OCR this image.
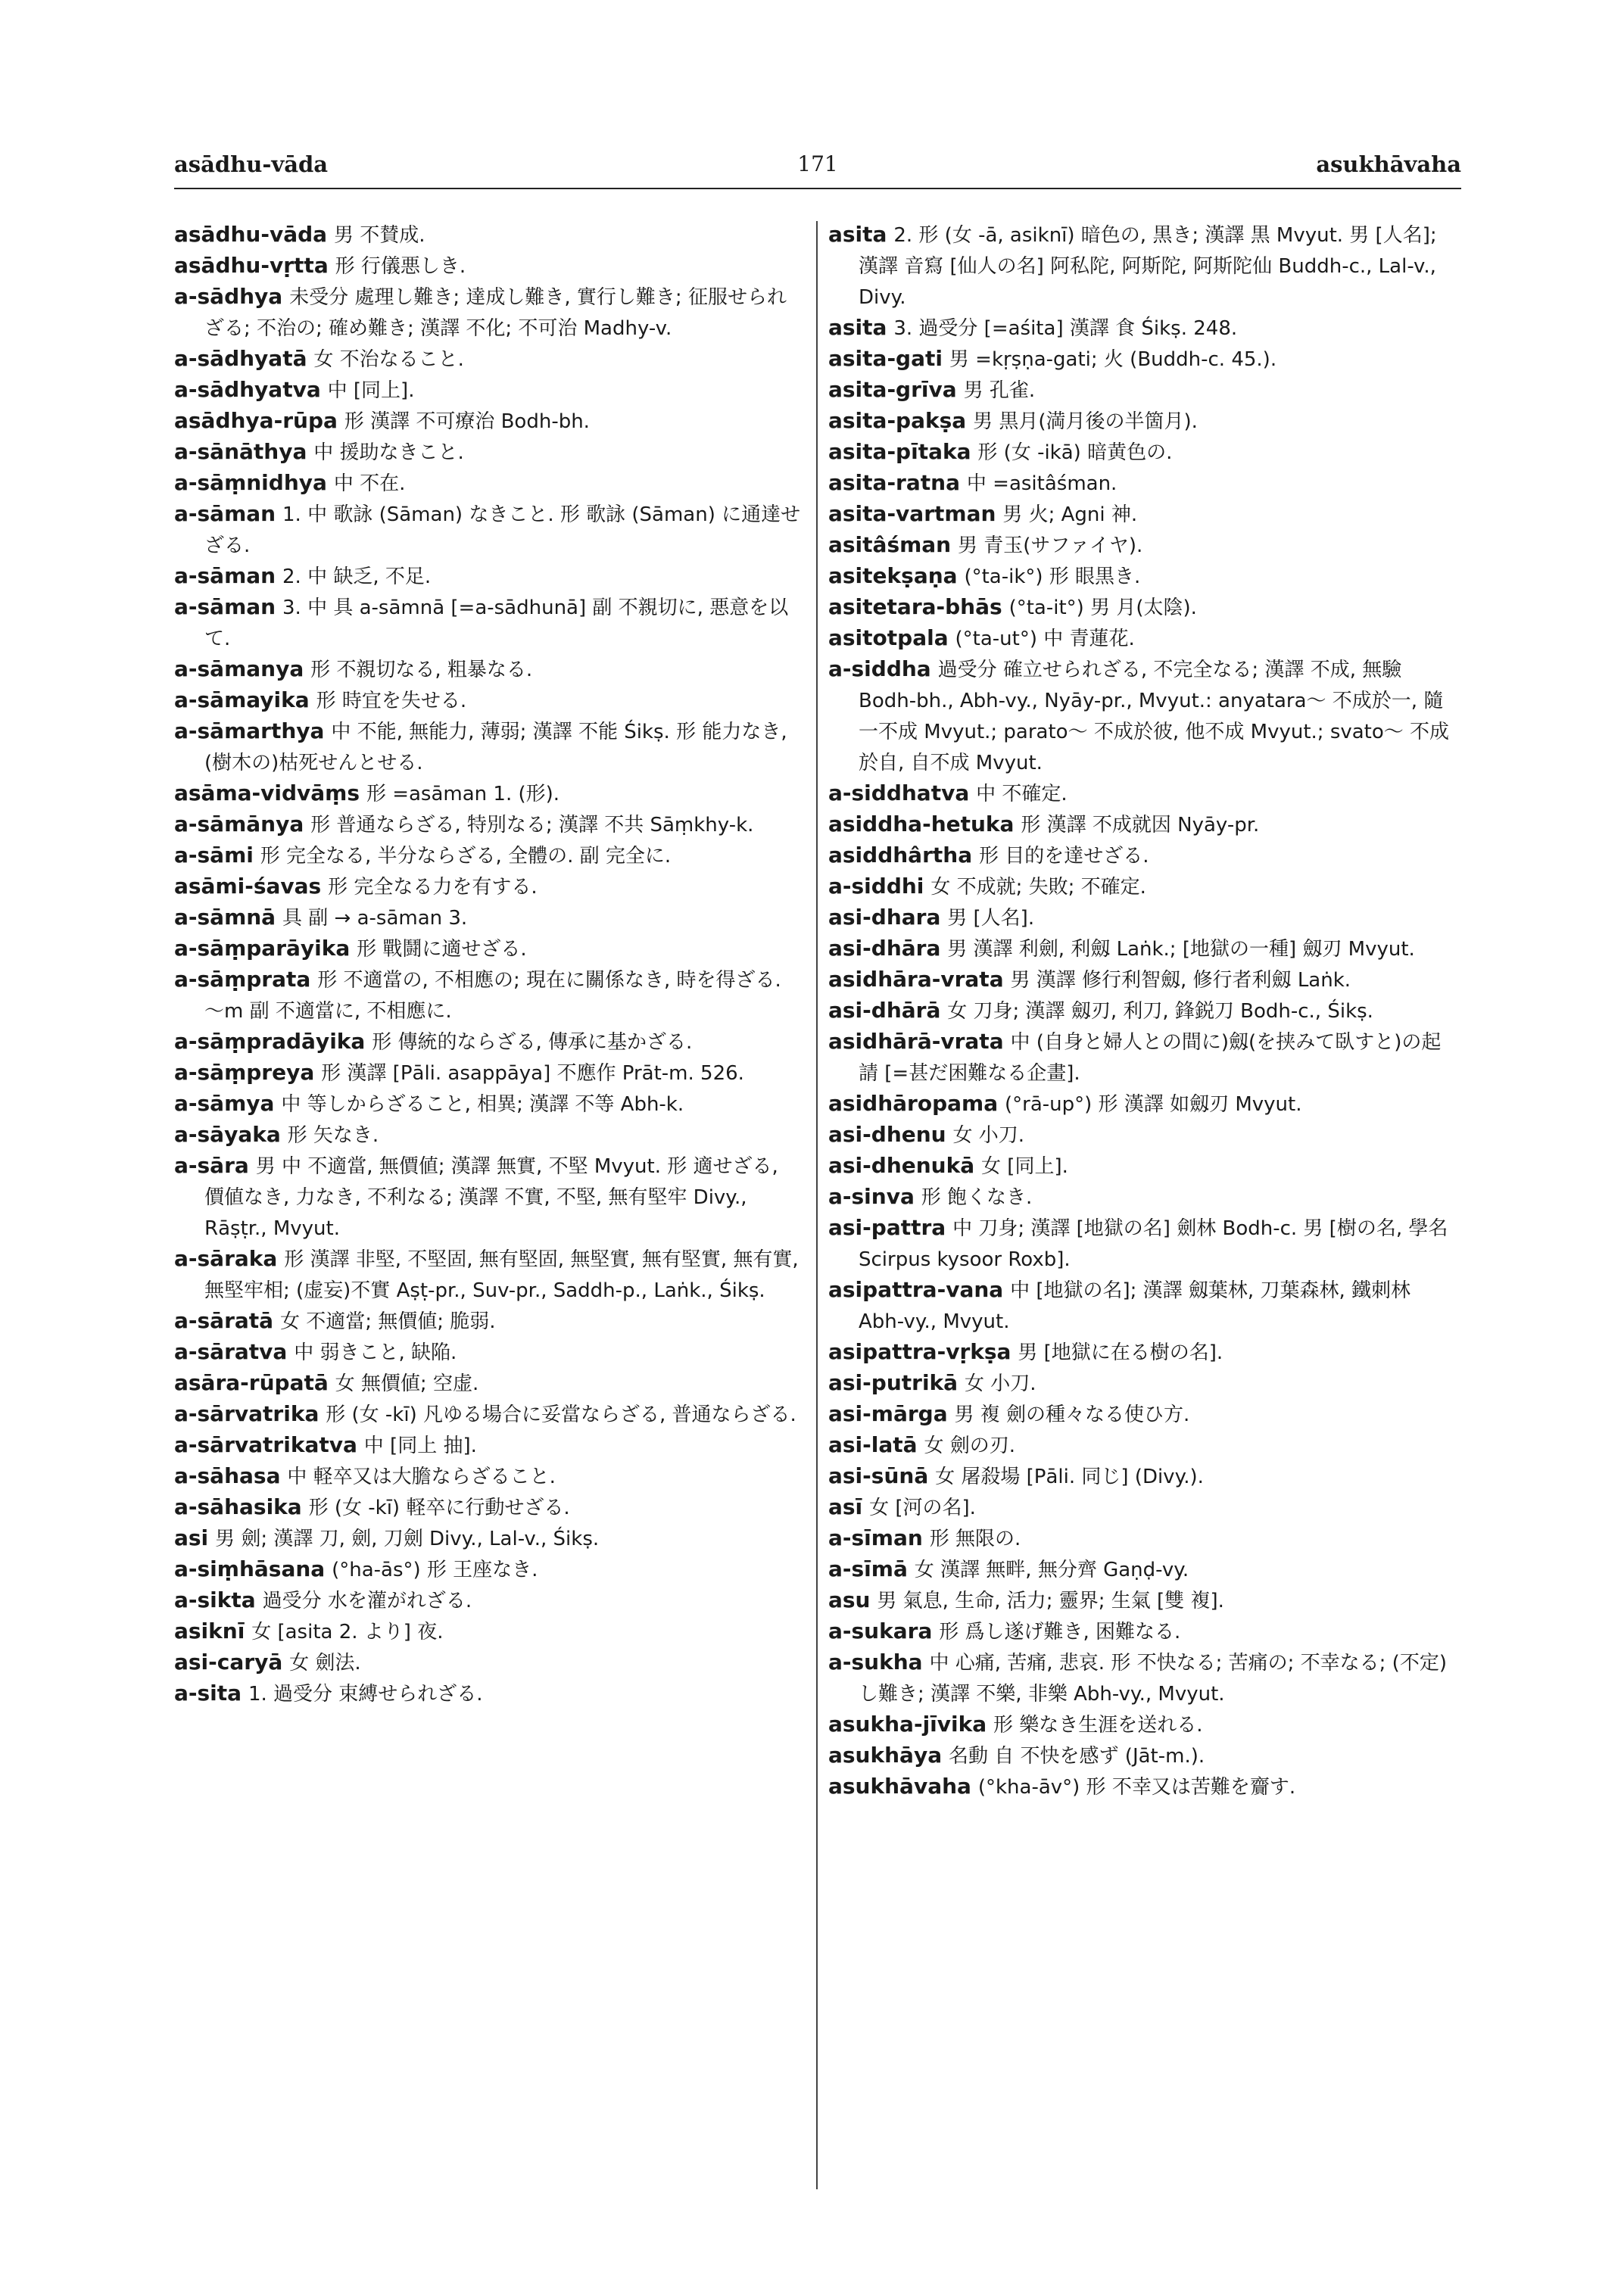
asādhu-vāda	171	asukhāvaha

asādhu-vāda 男 不賛成.

asādhu-vṛtta 形 行儀悪しき.

a-sādhya 未受分 處理し難き; 達成し難き, 實行し難き; 征服せられざる; 不治の; 確め難き; 漢譯 不化; 不可治 Madhy-v.

a-sādhyatā 女 不治なること.

a-sādhyatva 中 [同上].

asādhya-rūpa 形 漢譯 不可療治 Bodh-bh.

a-sānāthya 中 援助なきこと.

a-sāṃnidhya 中 不在.

a-sāman 1. 中 歌詠 (Sāman) なきこと. 形 歌詠 (Sāman) に通達せざる.

a-sāman 2. 中 缺乏, 不足.

a-sāman 3. 中 具 a-sāmnā [=a-sādhunā] 副 不親切に, 悪意を以て.

a-sāmanya 形 不親切なる, 粗暴なる.

a-sāmayika 形 時宜を失せる.

a-sāmarthya 中 不能, 無能力, 薄弱; 漢譯 不能 Śikṣ. 形 能力なき, (樹木の)枯死せんとせる.

asāma-vidvāṃs 形 =asāman 1. (形).

a-sāmānya 形 普通ならざる, 特別なる; 漢譯 不共 Sāṃkhy-k.

a-sāmi 形 完全なる, 半分ならざる, 全體の. 副 完全に.

asāmi-śavas 形 完全なる力を有する.

a-sāmnā 具 副 → a-sāman 3.

a-sāṃparāyika 形 戰鬪に適せざる.

a-sāṃprata 形 不適當の, 不相應の; 現在に關係なき, 時を得ざる. 〜m 副 不適當に, 不相應に.

a-sāṃpradāyika 形 傳統的ならざる, 傳承に基かざる.

a-sāṃpreya 形 漢譯 [Pāli. asappāya] 不應作 Prāt-m. 526.

a-sāmya 中 等しからざること, 相異; 漢譯 不等 Abh-k.

a-sāyaka 形 矢なき.

a-sāra 男 中 不適當, 無價値; 漢譯 無實, 不堅 Mvyut. 形 適せざる, 價値なき, 力なき, 不利なる; 漢譯 不實, 不堅, 無有堅牢 Divy., Rāṣṭr., Mvyut.

a-sāraka 形 漢譯 非堅, 不堅固, 無有堅固, 無堅實, 無有堅實, 無有實, 無堅牢相; (虚妄)不實 Aṣṭ-pr., Suv-pr., Saddh-p., Laṅk., Śikṣ.

a-sāratā 女 不適當; 無價値; 脆弱.

a-sāratva 中 弱きこと, 缺陥.

asāra-rūpatā 女 無價値; 空虚.

a-sārvatrika 形 (女 -kī) 凡ゆる場合に妥當ならざる, 普通ならざる.

a-sārvatrikatva 中 [同上 抽].

a-sāhasa 中 軽卒又は大膽ならざること.

a-sāhasika 形 (女 -kī) 軽卒に行動せざる.

asi 男 劍; 漢譯 刀, 劍, 刀劍 Divy., Lal-v., Śikṣ.

a-siṃhāsana (°ha-ās°) 形 王座なき.

a-sikta 過受分 水を灌がれざる.

asiknī 女 [asita 2. より] 夜.

asi-caryā 女 劍法.

a-sita 1. 過受分 束縛せられざる.

asita 2. 形 (女 -ā, asiknī) 暗色の, 黒き; 漢譯 黒 Mvyut. 男 [人名]; 漢譯 音寫 [仙人の名] 阿私陀, 阿斯陀, 阿斯陀仙 Buddh-c., Lal-v., Divy.

asita 3. 過受分 [=aśita] 漢譯 食 Śikṣ. 248.

asita-gati 男 =kṛṣṇa-gati; 火 (Buddh-c. 45.).

asita-grīva 男 孔雀.

asita-pakṣa 男 黒月(満月後の半箇月).

asita-pītaka 形 (女 -ikā) 暗黄色の.

asita-ratna 中 =asitâśman.

asita-vartman 男 火; Agni 神.

asitâśman 男 青玉(サファイヤ).

asitekṣaṇa (°ta-ik°) 形 眼黒き.

asitetara-bhās (°ta-it°) 男 月(太陰).

asitotpala (°ta-ut°) 中 青蓮花.

a-siddha 過受分 確立せられざる, 不完全なる; 漢譯 不成, 無驗 Bodh-bh., Abh-vy., Nyāy-pr., Mvyut.: anyatara〜 不成於一, 隨一不成 Mvyut.; parato〜 不成於彼, 他不成 Mvyut.; svato〜 不成於自, 自不成 Mvyut.

a-siddhatva 中 不確定.

asiddha-hetuka 形 漢譯 不成就因 Nyāy-pr.

asiddhârtha 形 目的を達せざる.

a-siddhi 女 不成就; 失敗; 不確定.

asi-dhara 男 [人名].

asi-dhāra 男 漢譯 利劍, 利劔 Laṅk.; [地獄の一種] 劔刃 Mvyut.

asidhāra-vrata 男 漢譯 修行利智劔, 修行者利劔 Laṅk.

asi-dhārā 女 刀身; 漢譯 劔刃, 利刀, 鋒鋭刀 Bodh-c., Śikṣ.

asidhārā-vrata 中 (自身と婦人との間に)劔(を挟みて臥すと)の起請 [=甚だ困難なる企畫].

asidhāropama (°rā-up°) 形 漢譯 如劔刃 Mvyut.

asi-dhenu 女 小刀.

asi-dhenukā 女 [同上].

a-sinva 形 飽くなき.

asi-pattra 中 刀身; 漢譯 [地獄の名] 劍林 Bodh-c. 男 [樹の名, 學名 Scirpus kysoor Roxb].

asipattra-vana 中 [地獄の名]; 漢譯 劔葉林, 刀葉森林, 鐵刺林 Abh-vy., Mvyut.

asipattra-vṛkṣa 男 [地獄に在る樹の名].

asi-putrikā 女 小刀.

asi-mārga 男 複 劍の種々なる使ひ方.

asi-latā 女 劍の刃.

asi-sūnā 女 屠殺場 [Pāli. 同じ] (Divy.).

asī 女 [河の名].

a-sīman 形 無限の.

a-sīmā 女 漢譯 無畔, 無分齊 Gaṇḍ-vy.

asu 男 氣息, 生命, 活力; 靈界; 生氣 [雙 複].

a-sukara 形 爲し遂げ難き, 困難なる.

a-sukha 中 心痛, 苦痛, 悲哀. 形 不快なる; 苦痛の; 不幸なる; (不定)し難き; 漢譯 不樂, 非樂 Abh-vy., Mvyut.

asukha-jīvika 形 樂なき生涯を送れる.

asukhāya 名動 自 不快を感ず (Jāt-m.).

asukhāvaha (°kha-āv°) 形 不幸又は苦難を齎す.
